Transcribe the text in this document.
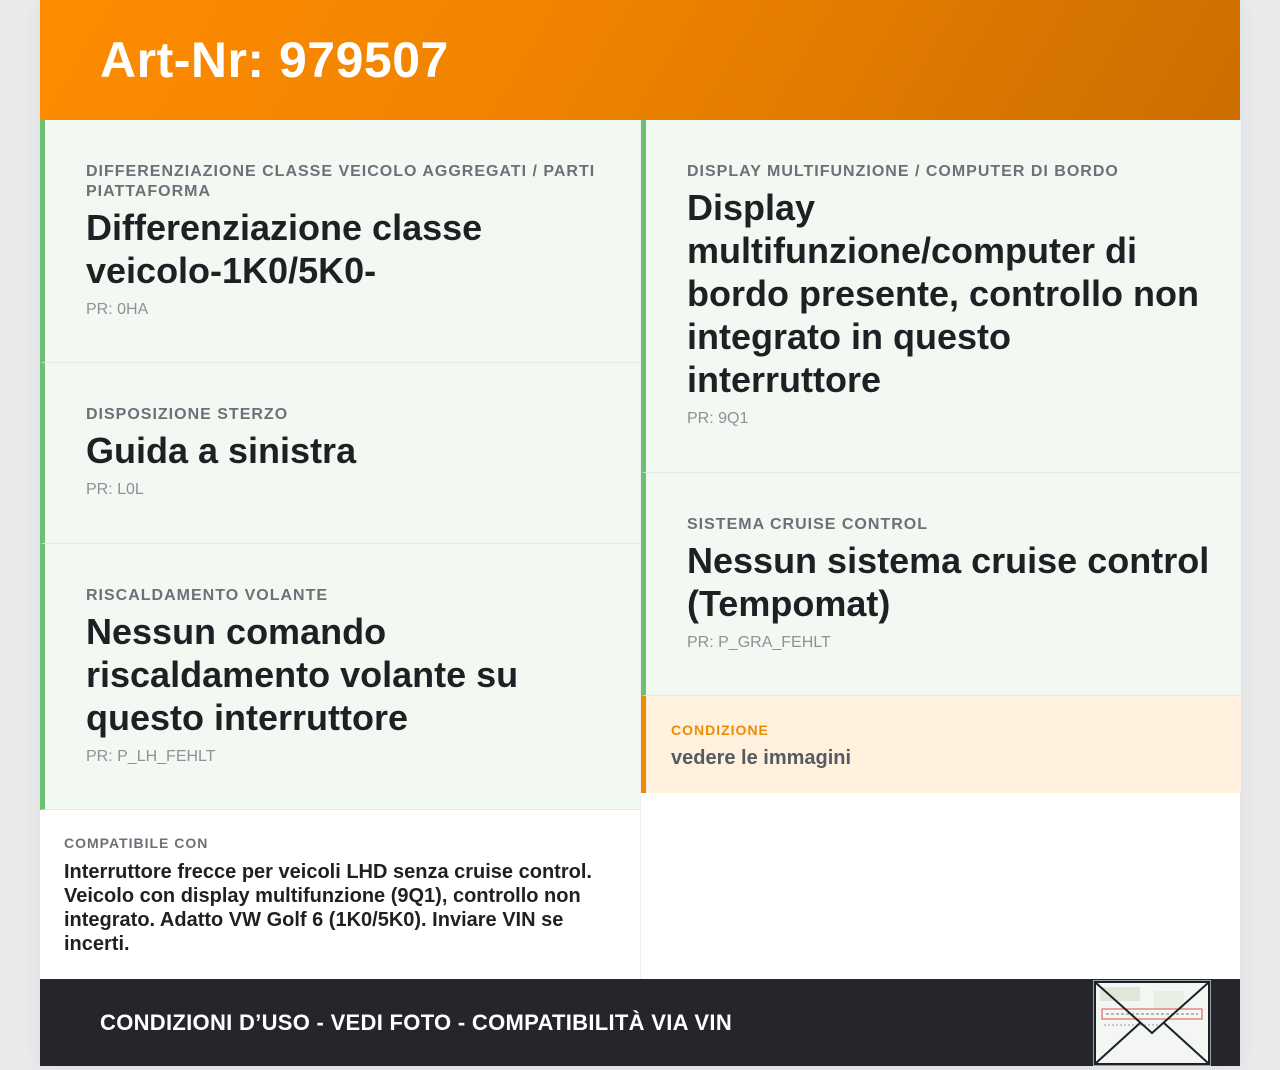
Art-Nr: 979507
DIFFERENZIAZIONE CLASSE VEICOLO AGGREGATI / PARTI PIATTAFORMA
Differenziazione classe veicolo-1K0/5K0-
PR: 0HA
DISPOSIZIONE STERZO
Guida a sinistra
PR: L0L
RISCALDAMENTO VOLANTE
Nessun comando riscaldamento volante su questo interruttore
PR: P_LH_FEHLT
COMPATIBILE CON
Interruttore frecce per veicoli LHD senza cruise control. Veicolo con display multifunzione (9Q1), controllo non integrato. Adatto VW Golf 6 (1K0/5K0). Inviare VIN se incerti.
DISPLAY MULTIFUNZIONE / COMPUTER DI BORDO
Display multifunzione/computer di bordo presente, controllo non integrato in questo interruttore
PR: 9Q1
SISTEMA CRUISE CONTROL
Nessun sistema cruise control (Tempomat)
PR: P_GRA_FEHLT
CONDIZIONE
vedere le immagini
CONDIZIONI D’USO - VEDI FOTO - COMPATIBILITÀ VIA VIN
